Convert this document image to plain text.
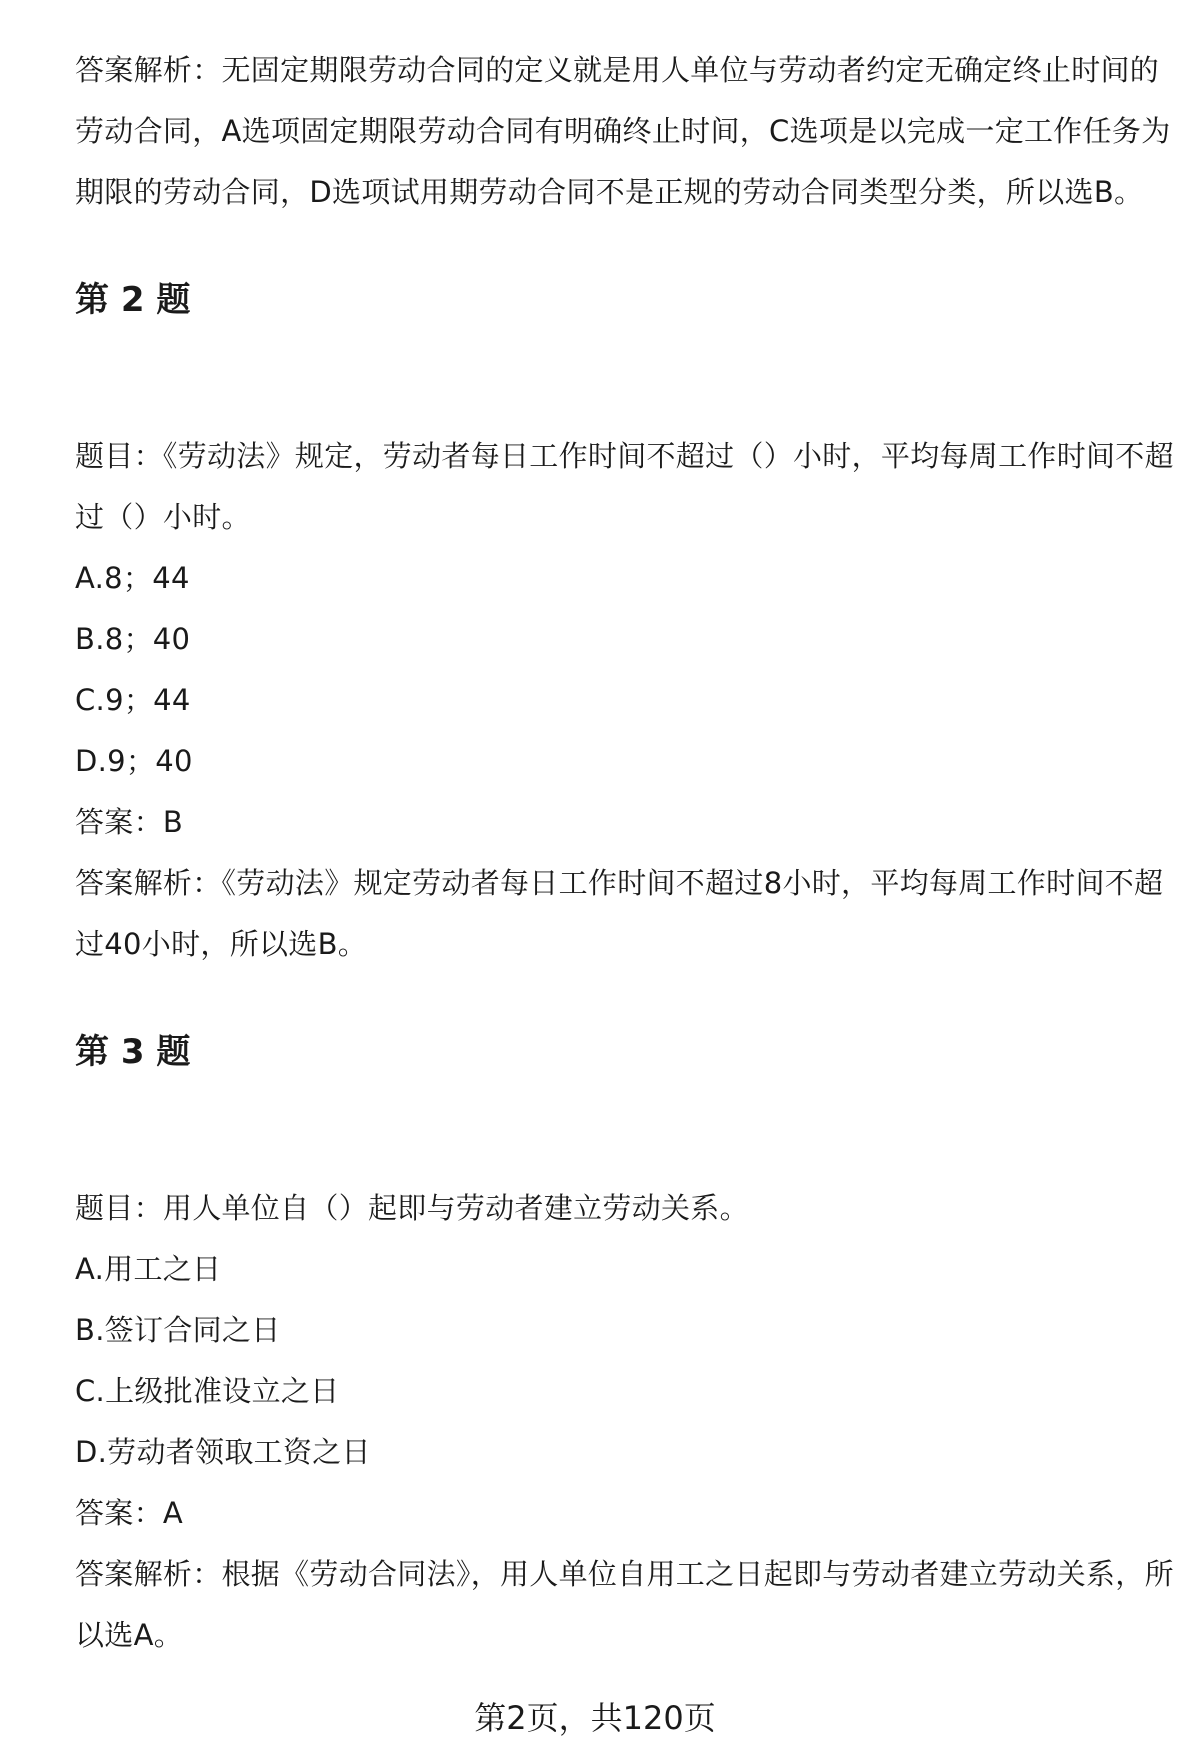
答案解析：无固定期限劳动合同的定义就是用人单位与劳动者约定无确定终止时间的劳动合同，A选项固定期限劳动合同有明确终止时间，C选项是以完成一定工作任务为期限的劳动合同，D选项试用期劳动合同不是正规的劳动合同类型分类，所以选B。

第 2 题

题目：《劳动法》规定，劳动者每日工作时间不超过（）小时，平均每周工作时间不超过（）小时。

A.8；44

B.8；40

C.9；44

D.9；40

答案：B

答案解析：《劳动法》规定劳动者每日工作时间不超过8小时，平均每周工作时间不超过40小时，所以选B。

第 3 题

题目：用人单位自（）起即与劳动者建立劳动关系。

A.用工之日

B.签订合同之日

C.上级批准设立之日

D.劳动者领取工资之日

答案：A

答案解析：根据《劳动合同法》，用人单位自用工之日起即与劳动者建立劳动关系，所以选A。

第2页，共120页
